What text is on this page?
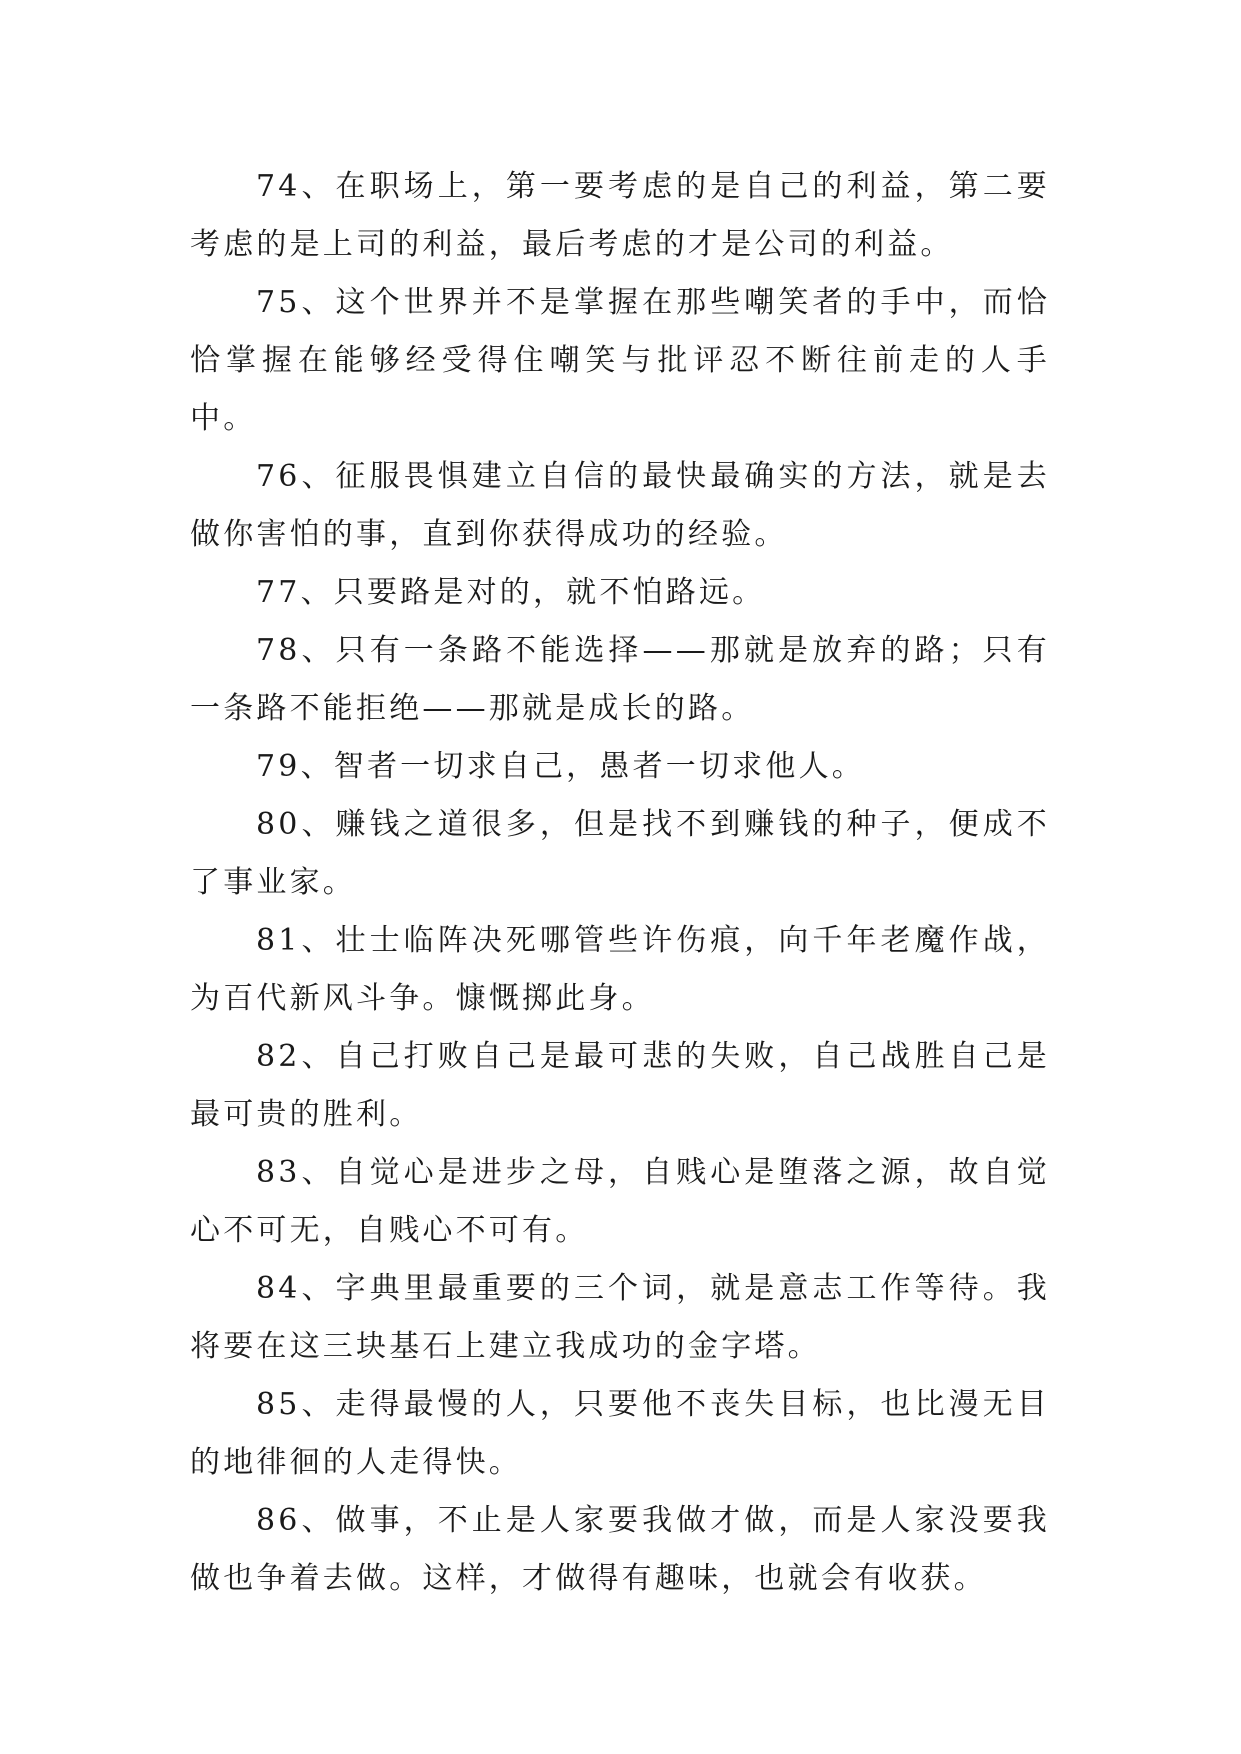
74、在职场上，第一要考虑的是自己的利益，第二要考虑的是上司的利益，最后考虑的才是公司的利益。

75、这个世界并不是掌握在那些嘲笑者的手中，而恰恰掌握在能够经受得住嘲笑与批评忍不断往前走的人手中。

76、征服畏惧建立自信的最快最确实的方法，就是去做你害怕的事，直到你获得成功的经验。

77、只要路是对的，就不怕路远。

78、只有一条路不能选择——那就是放弃的路；只有一条路不能拒绝——那就是成长的路。

79、智者一切求自己，愚者一切求他人。

80、赚钱之道很多，但是找不到赚钱的种子，便成不了事业家。

81、壮士临阵决死哪管些许伤痕，向千年老魔作战，为百代新风斗争。慷慨掷此身。

82、自己打败自己是最可悲的失败，自己战胜自己是最可贵的胜利。

83、自觉心是进步之母，自贱心是堕落之源，故自觉心不可无，自贱心不可有。

84、字典里最重要的三个词，就是意志工作等待。我将要在这三块基石上建立我成功的金字塔。

85、走得最慢的人，只要他不丧失目标，也比漫无目的地徘徊的人走得快。

86、做事，不止是人家要我做才做，而是人家没要我做也争着去做。这样，才做得有趣味，也就会有收获。
